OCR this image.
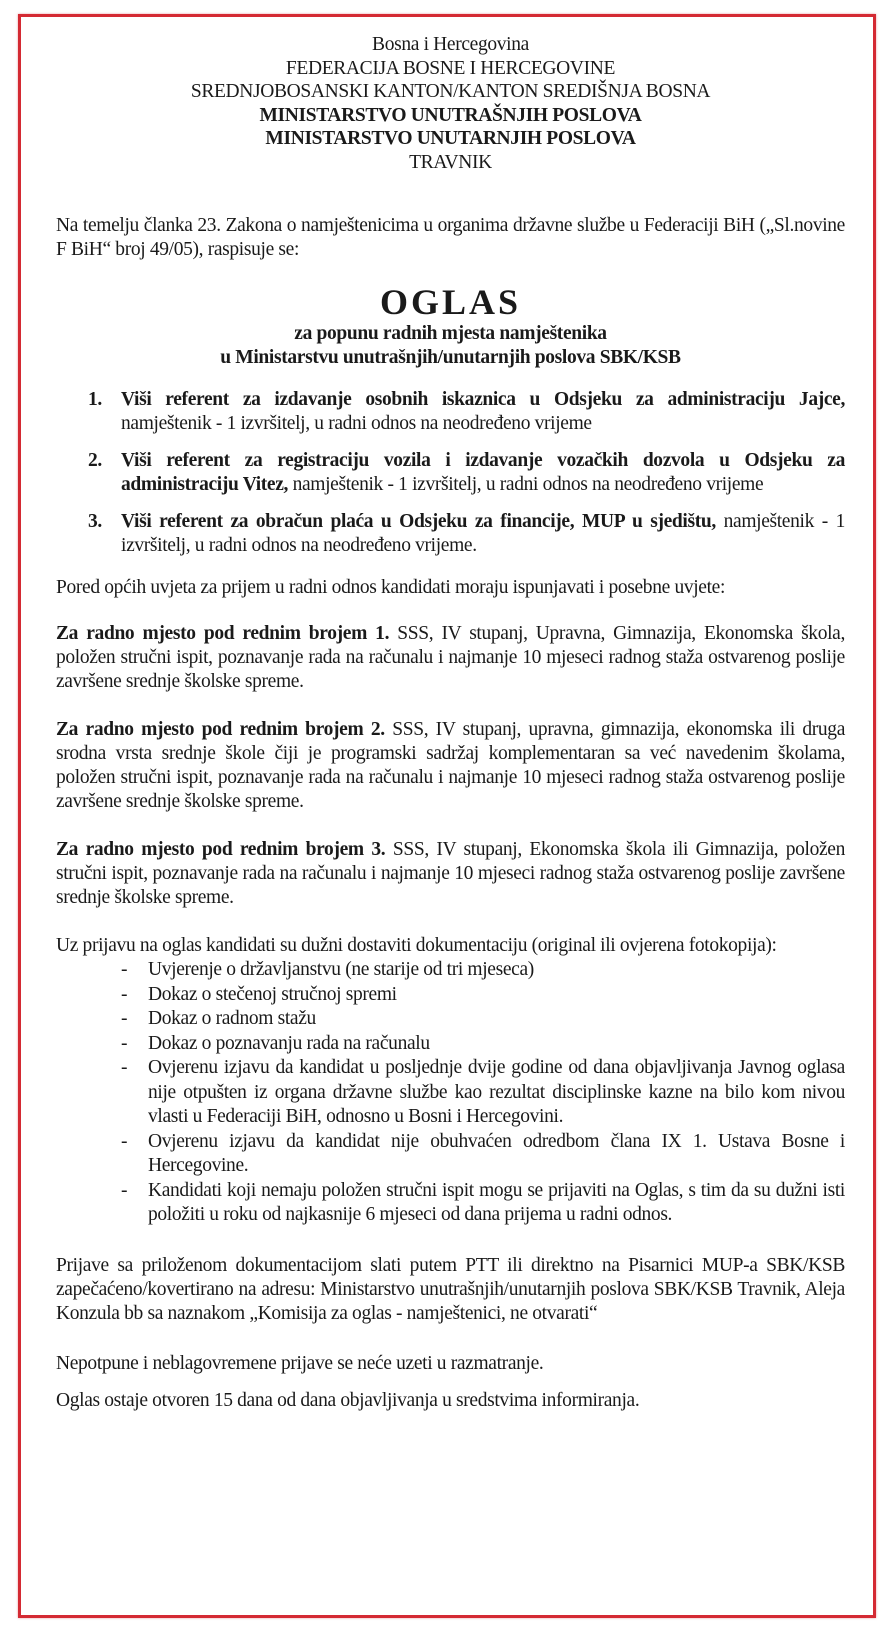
Bosna i Hercegovina
FEDERACIJA BOSNE I HERCEGOVINE
SREDNJOBOSANSKI KANTON/KANTON SREDIŠNJA BOSNA
MINISTARSTVO UNUTRAŠNJIH POSLOVA
MINISTARSTVO UNUTARNJIH POSLOVA
TRAVNIK
Na temelju članka 23. Zakona o namještenicima u organima državne službe u Federaciji BiH („Sl.novine F BiH“ broj 49/05), raspisuje se:
OGLAS
za popunu radnih mjesta namještenika
u Ministarstvu unutrašnjih/unutarnjih poslova SBK/KSB
1. Viši referent za izdavanje osobnih iskaznica u Odsjeku za administraciju Jajce, namještenik - 1 izvršitelj, u radni odnos na neodređeno vrijeme
2. Viši referent za registraciju vozila i izdavanje vozačkih dozvola u Odsjeku za administraciju Vitez, namještenik - 1 izvršitelj, u radni odnos na neodređeno vrijeme
3. Viši referent za obračun plaća u Odsjeku za financije, MUP u sjedištu, namještenik - 1 izvršitelj, u radni odnos na neodređeno vrijeme.
Pored općih uvjeta za prijem u radni odnos kandidati moraju ispunjavati i posebne uvjete:
Za radno mjesto pod rednim brojem 1. SSS, IV stupanj, Upravna, Gimnazija, Ekonomska škola, položen stručni ispit, poznavanje rada na računalu i najmanje 10 mjeseci radnog staža ostvarenog poslije završene srednje školske spreme.
Za radno mjesto pod rednim brojem 2. SSS, IV stupanj, upravna, gimnazija, ekonomska ili druga srodna vrsta srednje škole čiji je programski sadržaj komplementaran sa već navedenim školama, položen stručni ispit, poznavanje rada na računalu i najmanje 10 mjeseci radnog staža ostvarenog poslije završene srednje školske spreme.
Za radno mjesto pod rednim brojem 3. SSS, IV stupanj, Ekonomska škola ili Gimnazija, položen stručni ispit, poznavanje rada na računalu i najmanje 10 mjeseci radnog staža ostvarenog poslije završene srednje školske spreme.
Uz prijavu na oglas kandidati su dužni dostaviti dokumentaciju (original ili ovjerena fotokopija):
- Uvjerenje o državljanstvu (ne starije od tri mjeseca)
- Dokaz o stečenoj stručnoj spremi
- Dokaz o radnom stažu
- Dokaz o poznavanju rada na računalu
- Ovjerenu izjavu da kandidat u posljednje dvije godine od dana objavljivanja Javnog oglasa nije otpušten iz organa državne službe kao rezultat disciplinske kazne na bilo kom nivou vlasti u Federaciji BiH, odnosno u Bosni i Hercegovini.
- Ovjerenu izjavu da kandidat nije obuhvaćen odredbom člana IX 1. Ustava Bosne i Hercegovine.
- Kandidati koji nemaju položen stručni ispit mogu se prijaviti na Oglas, s tim da su dužni isti položiti u roku od najkasnije 6 mjeseci od dana prijema u radni odnos.
Prijave sa priloženom dokumentacijom slati putem PTT ili direktno na Pisarnici MUP-a SBK/KSB zapečaćeno/kovertirano na adresu: Ministarstvo unutrašnjih/unutarnjih poslova SBK/KSB Travnik, Aleja Konzula bb sa naznakom „Komisija za oglas - namještenici, ne otvarati“
Nepotpune i neblagovremene prijave se neće uzeti u razmatranje.
Oglas ostaje otvoren 15 dana od dana objavljivanja u sredstvima informiranja.
